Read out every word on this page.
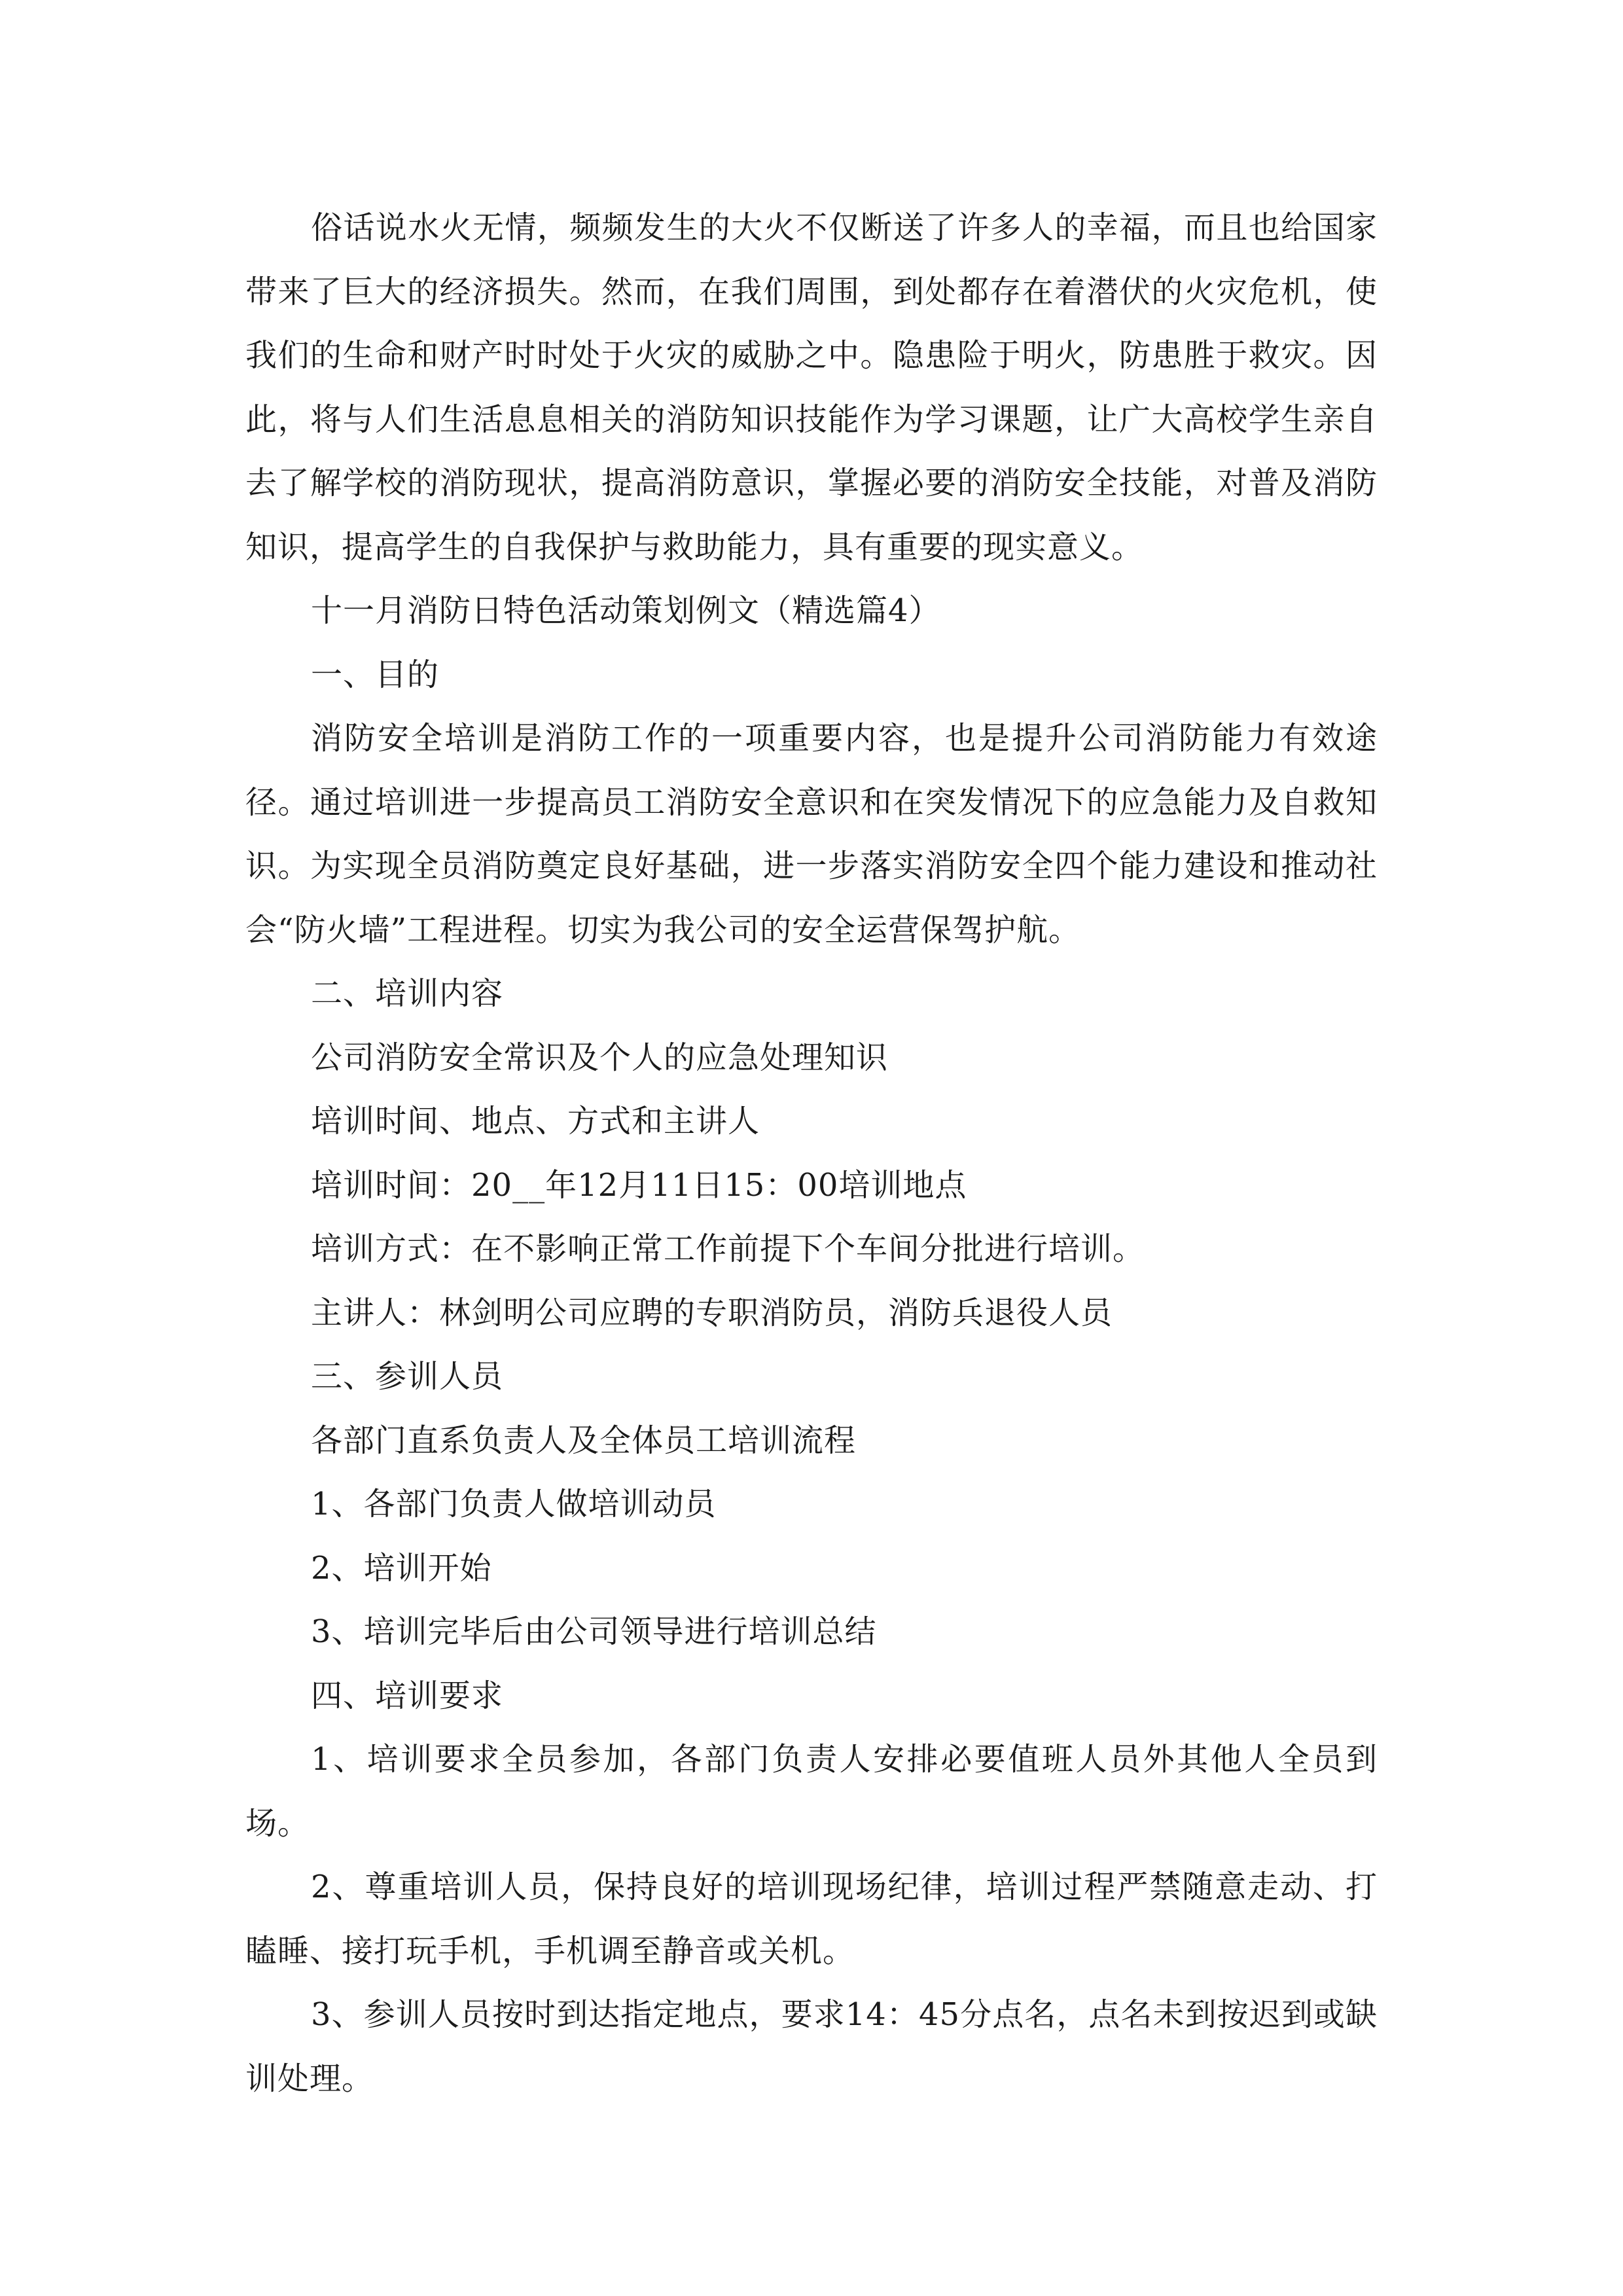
俗话说水火无情，频频发生的大火不仅断送了许多人的幸福，而且也给国家带来了巨大的经济损失。然而，在我们周围，到处都存在着潜伏的火灾危机，使我们的生命和财产时时处于火灾的威胁之中。隐患险于明火，防患胜于救灾。因此，将与人们生活息息相关的消防知识技能作为学习课题，让广大高校学生亲自去了解学校的消防现状，提高消防意识，掌握必要的消防安全技能，对普及消防知识，提高学生的自我保护与救助能力，具有重要的现实意义。

十一月消防日特色活动策划例文（精选篇4）

一、目的

消防安全培训是消防工作的一项重要内容，也是提升公司消防能力有效途径。通过培训进一步提高员工消防安全意识和在突发情况下的应急能力及自救知识。为实现全员消防奠定良好基础，进一步落实消防安全四个能力建设和推动社会“防火墙”工程进程。切实为我公司的安全运营保驾护航。

二、培训内容

公司消防安全常识及个人的应急处理知识

培训时间、地点、方式和主讲人

培训时间：20__年12月11日15：00培训地点

培训方式：在不影响正常工作前提下个车间分批进行培训。

主讲人：林剑明公司应聘的专职消防员，消防兵退役人员

三、参训人员

各部门直系负责人及全体员工培训流程

1、各部门负责人做培训动员

2、培训开始

3、培训完毕后由公司领导进行培训总结

四、培训要求

1、培训要求全员参加，各部门负责人安排必要值班人员外其他人全员到场。

2、尊重培训人员，保持良好的培训现场纪律，培训过程严禁随意走动、打瞌睡、接打玩手机，手机调至静音或关机。

3、参训人员按时到达指定地点，要求14：45分点名，点名未到按迟到或缺训处理。
